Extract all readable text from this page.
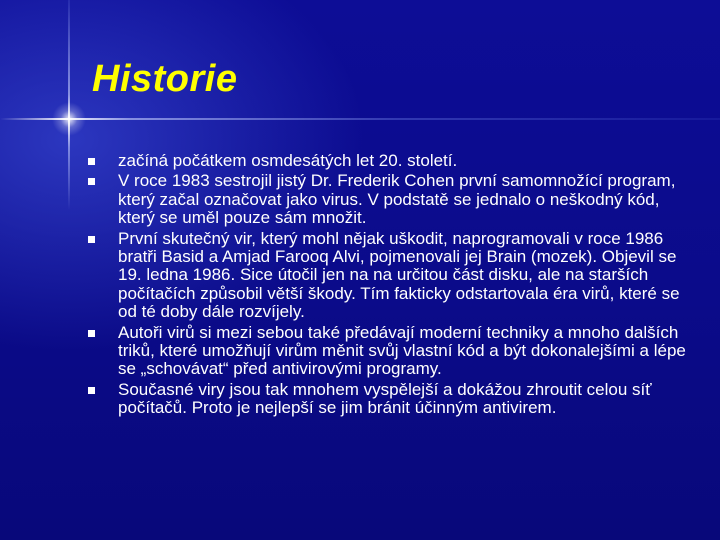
Historie
začíná počátkem osmdesátých let 20. století.
V roce 1983 sestrojil jistý Dr. Frederik Cohen první samomnožící program, který začal označovat jako virus. V podstatě se jednalo o neškodný kód, který se uměl pouze sám množit.
První skutečný vir, který mohl nějak uškodit, naprogramovali v roce 1986 bratři Basid a Amjad Farooq Alvi, pojmenovali jej Brain (mozek). Objevil se 19. ledna 1986. Sice útočil jen na na určitou část disku, ale na starších počítačích způsobil větší škody. Tím fakticky odstartovala éra virů, které se od té doby dále rozvíjely.
Autoři virů si mezi sebou také předávají moderní techniky a mnoho dalších triků, které umožňují virům měnit svůj vlastní kód a být dokonalejšími a lépe se „schovávat“ před antivirovými programy.
Současné viry jsou tak mnohem vyspělejší a dokážou zhroutit celou síť počítačů. Proto je nejlepší se jim bránit účinným antivirem.
